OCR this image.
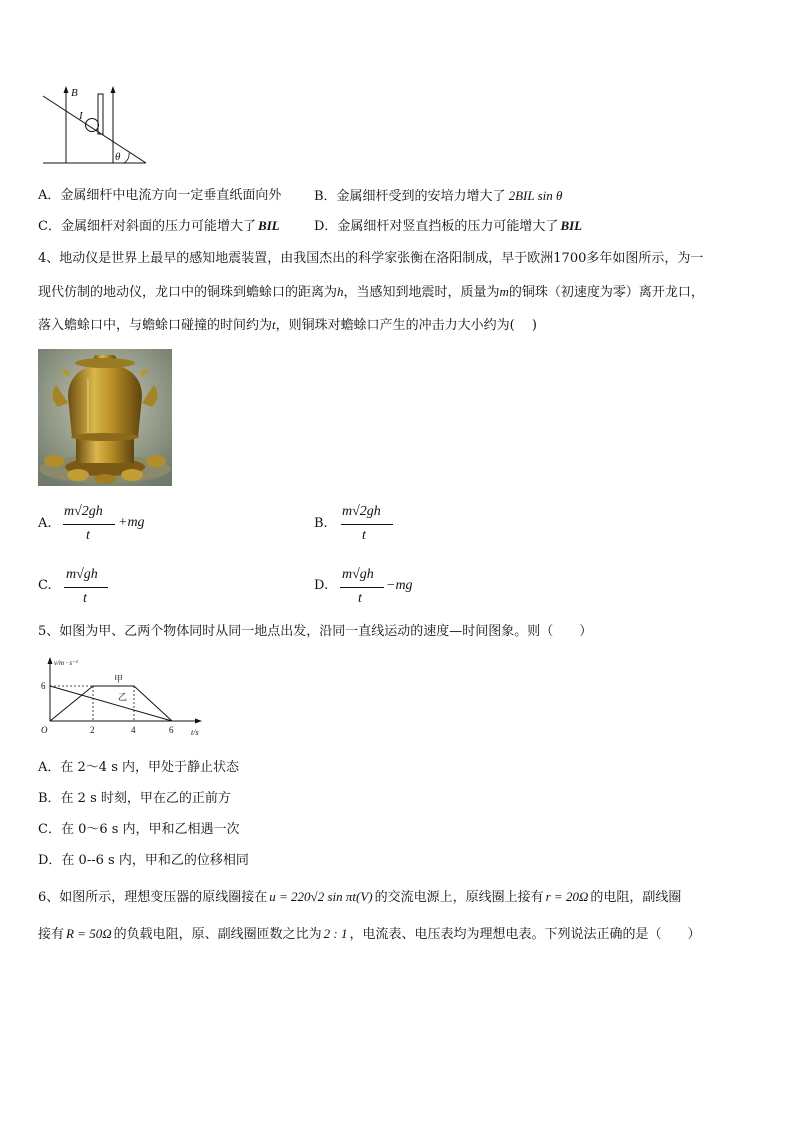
B
I
θ
A．金属细杆中电流方向一定垂直纸面向外	B．金属细杆受到的安培力增大了 2BIL sin θ
C．金属细杆对斜面的压力可能增大了 BIL	D．金属细杆对竖直挡板的压力可能增大了 BIL
4、地动仪是世界上最早的感知地震装置，由我国杰出的科学家张衡在洛阳制成，早于欧洲1700多年如图所示，为一
现代仿制的地动仪，龙口中的铜珠到蟾蜍口的距离为h，当感知到地震时，质量为m的铜珠（初速度为零）离开龙口，
落入蟾蜍口中，与蟾蜍口碰撞的时间约为t，则铜珠对蟾蜍口产生的冲击力大小约为(　 )
A.
m√2gh
t
+mg	B.
m√2gh
t
C.
m√gh
t
D.
m√gh
t
−mg
5、如图为甲、乙两个物体同时从同一地点出发，沿同一直线运动的速度—时间图象。则（　　）
v/m · s⁻¹
t/s
O
6
2	4	6
甲
乙
A．在 2～4 s 内，甲处于静止状态
B．在 2 s 时刻，甲在乙的正前方
C．在 0～6 s 内，甲和乙相遇一次
D．在 0--6 s 内，甲和乙的位移相同
6、如图所示，理想变压器的原线圈接在 u = 220√2 sin πt(V) 的交流电源上，原线圈上接有 r = 20Ω 的电阻，副线圈
接有 R = 50Ω 的负载电阻，原、副线圈匝数之比为 2 : 1 ，电流表、电压表均为理想电表。下列说法正确的是（　　）
